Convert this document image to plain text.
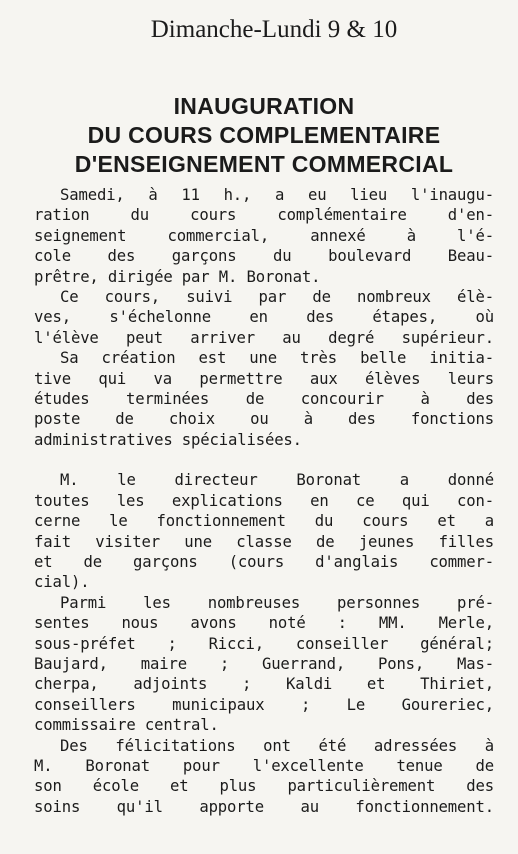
Dimanche-Lundi 9 & 10
INAUGURATION
DU COURS COMPLEMENTAIRE
D'ENSEIGNEMENT COMMERCIAL

Samedi, à 11 h., a eu lieu l'inaugu-
ration du cours complémentaire d'en-
seignement commercial, annexé à l'é-
cole des garçons du boulevard Beau-
prêtre, dirigée par M. Boronat.

Ce cours, suivi par de nombreux élè-
ves, s'échelonne en des étapes, où
l'élève peut arriver au degré supérieur.

Sa création est une très belle initia-
tive qui va permettre aux élèves leurs
études terminées de concourir à des
poste de choix ou à des fonctions
administratives spécialisées.

M. le directeur Boronat a donné
toutes les explications en ce qui con-
cerne le fonctionnement du cours et a
fait visiter une classe de jeunes filles
et de garçons (cours d'anglais commer-
cial).

Parmi les nombreuses personnes pré-
sentes nous avons noté : MM. Merle,
sous-préfet ; Ricci, conseiller général;
Baujard, maire ; Guerrand, Pons, Mas-
cherpa, adjoints ; Kaldi et Thiriet,
conseillers municipaux ; Le Goureriec,
commissaire central.

Des félicitations ont été adressées à
M. Boronat pour l'excellente tenue de
son école et plus particulièrement des
soins qu'il apporte au fonctionnement.
